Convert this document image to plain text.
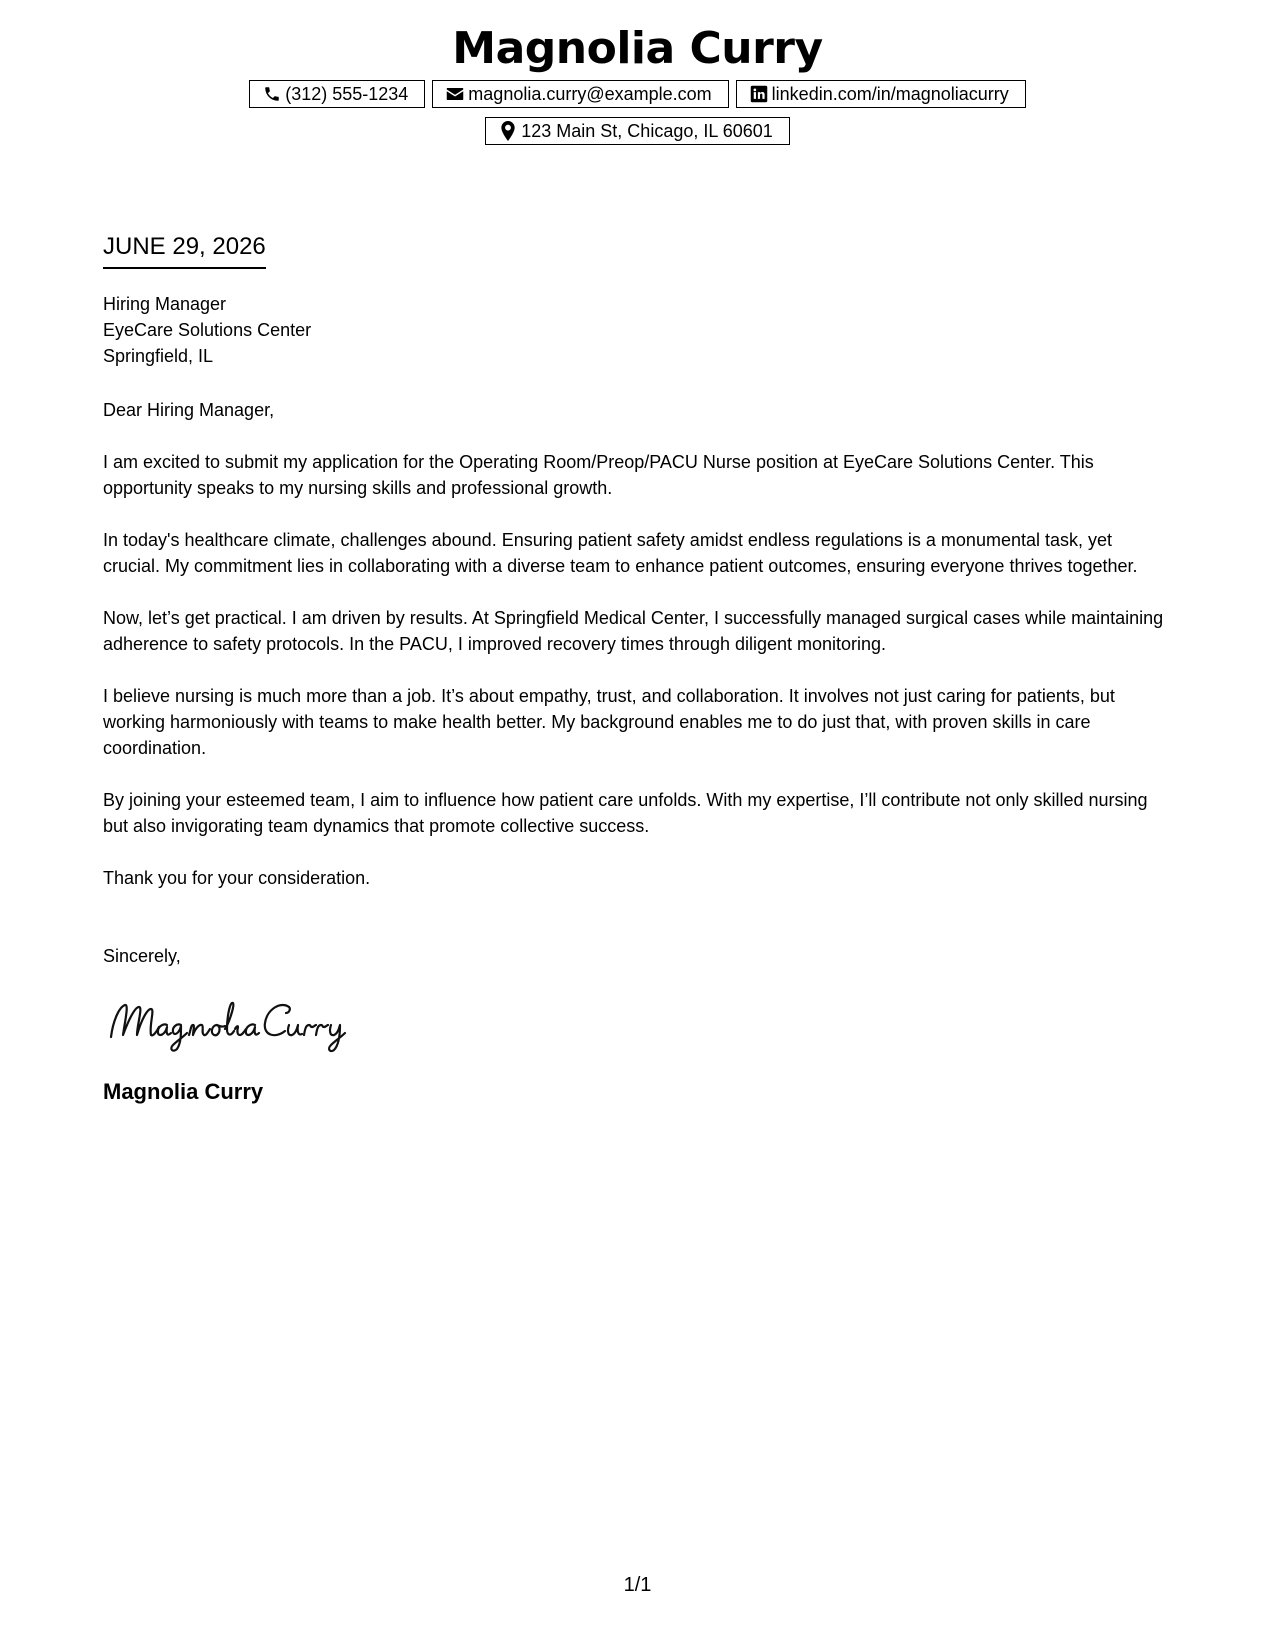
Magnolia Curry
(312) 555-1234	magnolia.curry@example.com	linkedin.com/in/magnoliacurry
123 Main St, Chicago, IL 60601
JUNE 29, 2026
Hiring Manager
EyeCare Solutions Center
Springfield, IL
Dear Hiring Manager,
I am excited to submit my application for the Operating Room/Preop/PACU Nurse position at EyeCare Solutions Center. This opportunity speaks to my nursing skills and professional growth.
In today's healthcare climate, challenges abound. Ensuring patient safety amidst endless regulations is a monumental task, yet crucial. My commitment lies in collaborating with a diverse team to enhance patient outcomes, ensuring everyone thrives together.
Now, let’s get practical. I am driven by results. At Springfield Medical Center, I successfully managed surgical cases while maintaining adherence to safety protocols. In the PACU, I improved recovery times through diligent monitoring.
I believe nursing is much more than a job. It’s about empathy, trust, and collaboration. It involves not just caring for patients, but working harmoniously with teams to make health better. My background enables me to do just that, with proven skills in care coordination.
By joining your esteemed team, I aim to influence how patient care unfolds. With my expertise, I’ll contribute not only skilled nursing but also invigorating team dynamics that promote collective success.
Thank you for your consideration.
Sincerely,
Magnolia Curry
1/1
